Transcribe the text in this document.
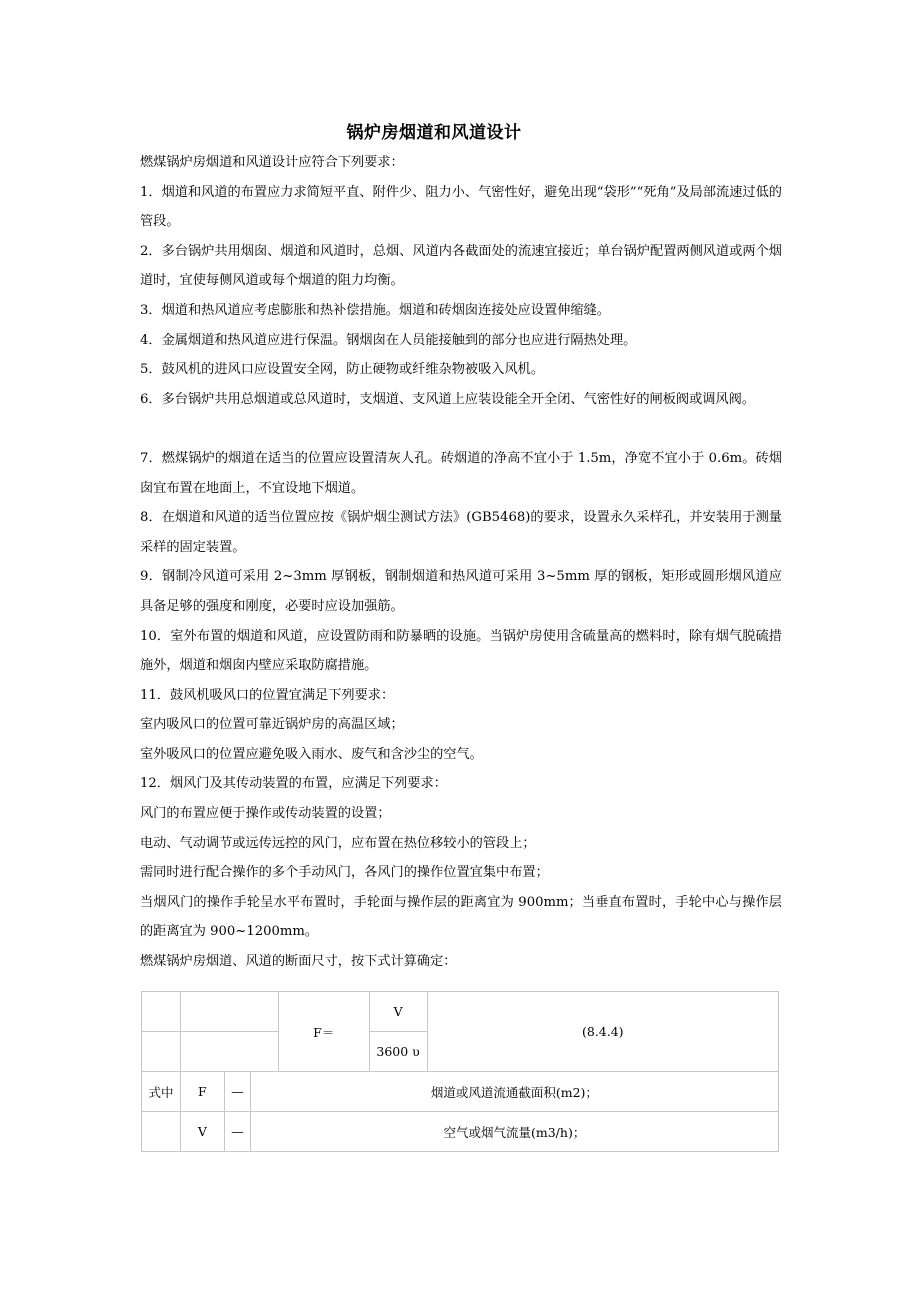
锅炉房烟道和风道设计

燃煤锅炉房烟道和风道设计应符合下列要求：

1．烟道和风道的布置应力求简短平直、附件少、阻力小、气密性好，避免出现“袋形”“死角”及局部流速过低的管段。

2．多台锅炉共用烟囱、烟道和风道时，总烟、风道内各截面处的流速宜接近；单台锅炉配置两侧风道或两个烟道时，宜使每侧风道或每个烟道的阻力均衡。

3．烟道和热风道应考虑膨胀和热补偿措施。烟道和砖烟囱连接处应设置伸缩缝。

4．金属烟道和热风道应进行保温。钢烟囱在人员能接触到的部分也应进行隔热处理。

5．鼓风机的进风口应设置安全网，防止硬物或纤维杂物被吸入风机。

6．多台锅炉共用总烟道或总风道时，支烟道、支风道上应装设能全开全闭、气密性好的闸板阀或调风阀。

7．燃煤锅炉的烟道在适当的位置应设置清灰人孔。砖烟道的净高不宜小于 1.5m，净宽不宜小于 0.6m。砖烟囱宜布置在地面上，不宜设地下烟道。

8．在烟道和风道的适当位置应按《锅炉烟尘测试方法》(GB5468)的要求，设置永久采样孔，并安装用于测量采样的固定装置。

9．钢制冷风道可采用 2~3mm 厚钢板，钢制烟道和热风道可采用 3~5mm 厚的钢板，矩形或圆形烟风道应具备足够的强度和刚度，必要时应设加强筋。

10．室外布置的烟道和风道，应设置防雨和防暴晒的设施。当锅炉房使用含硫量高的燃料时，除有烟气脱硫措施外，烟道和烟囱内壁应采取防腐措施。

11．鼓风机吸风口的位置宜满足下列要求：

室内吸风口的位置可靠近锅炉房的高温区域；

室外吸风口的位置应避免吸入雨水、废气和含沙尘的空气。

12．烟风门及其传动装置的布置，应满足下列要求：

风门的布置应便于操作或传动装置的设置；

电动、气动调节或远传远控的风门，应布置在热位移较小的管段上；

需同时进行配合操作的多个手动风门，各风门的操作位置宜集中布置；

当烟风门的操作手轮呈水平布置时，手轮面与操作层的距离宜为 900mm；当垂直布置时，手轮中心与操作层的距离宜为 900~1200mm。

燃煤锅炉房烟道、风道的断面尺寸，按下式计算确定：

				F＝	V	(8.4.4)
					3600 υ	
式中	F	—	烟道或风道流通截面积(m2)；			
	V	—	空气或烟气流量(m3/h)；			
